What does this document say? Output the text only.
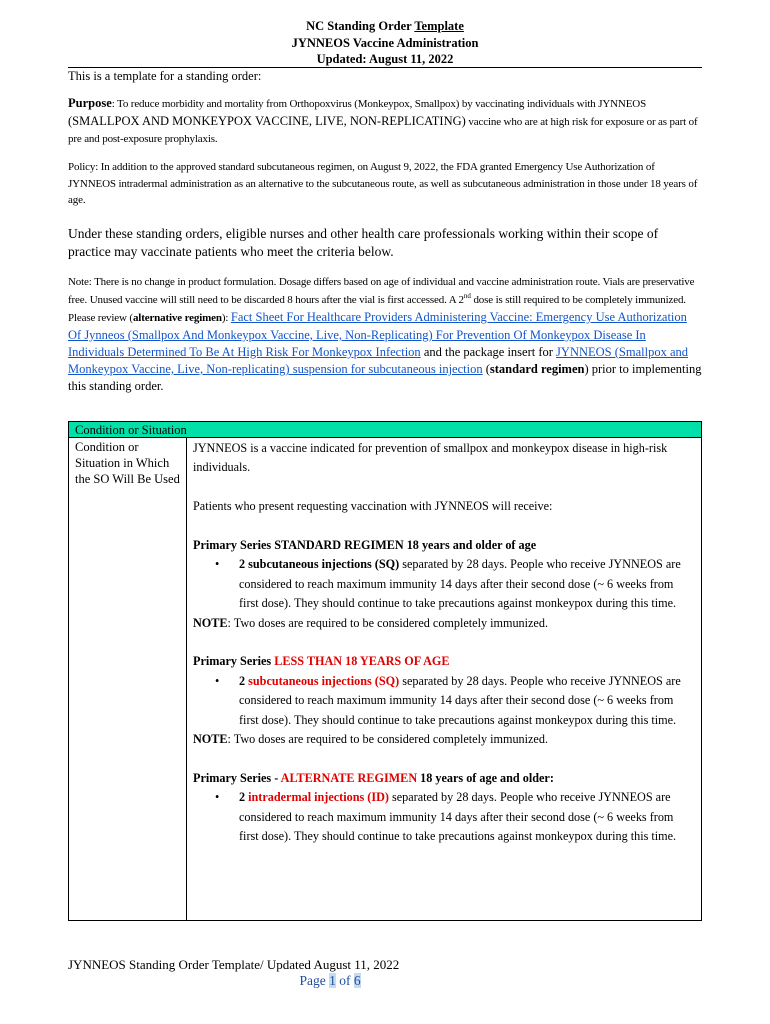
NC Standing Order Template
JYNNEOS Vaccine Administration
Updated: August 11, 2022
This is a template for a standing order:
Purpose: To reduce morbidity and mortality from Orthopoxvirus (Monkeypox, Smallpox) by vaccinating individuals with JYNNEOS (SMALLPOX AND MONKEYPOX VACCINE, LIVE, NON-REPLICATING) vaccine who are at high risk for exposure or as part of pre and post-exposure prophylaxis.
Policy: In addition to the approved standard subcutaneous regimen, on August 9, 2022, the FDA granted Emergency Use Authorization of JYNNEOS intradermal administration as an alternative to the subcutaneous route, as well as subcutaneous administration in those under 18 years of age.
Under these standing orders, eligible nurses and other health care professionals working within their scope of practice may vaccinate patients who meet the criteria below.
Note: There is no change in product formulation. Dosage differs based on age of individual and vaccine administration route. Vials are preservative free. Unused vaccine will still need to be discarded 8 hours after the vial is first accessed. A 2nd dose is still required to be completely immunized. Please review (alternative regimen): Fact Sheet For Healthcare Providers Administering Vaccine: Emergency Use Authorization Of Jynneos (Smallpox And Monkeypox Vaccine, Live, Non-Replicating) For Prevention Of Monkeypox Disease In Individuals Determined To Be At High Risk For Monkeypox Infection and the package insert for JYNNEOS (Smallpox and Monkeypox Vaccine, Live, Non-replicating) suspension for subcutaneous injection (standard regimen) prior to implementing this standing order.
Condition or Situation
Condition or Situation in Which the SO Will Be Used
JYNNEOS is a vaccine indicated for prevention of smallpox and monkeypox disease in high-risk individuals.
Patients who present requesting vaccination with JYNNEOS will receive:
Primary Series STANDARD REGIMEN 18 years and older of age
• 2 subcutaneous injections (SQ) separated by 28 days. People who receive JYNNEOS are considered to reach maximum immunity 14 days after their second dose (~ 6 weeks from first dose). They should continue to take precautions against monkeypox during this time.
NOTE: Two doses are required to be considered completely immunized.
Primary Series LESS THAN 18 YEARS OF AGE
• 2 subcutaneous injections (SQ) separated by 28 days. People who receive JYNNEOS are considered to reach maximum immunity 14 days after their second dose (~ 6 weeks from first dose). They should continue to take precautions against monkeypox during this time.
NOTE: Two doses are required to be considered completely immunized.
Primary Series - ALTERNATE REGIMEN 18 years of age and older:
• 2 intradermal injections (ID) separated by 28 days. People who receive JYNNEOS are considered to reach maximum immunity 14 days after their second dose (~ 6 weeks from first dose). They should continue to take precautions against monkeypox during this time.
JYNNEOS Standing Order Template/ Updated August 11, 2022
Page 1 of 6
